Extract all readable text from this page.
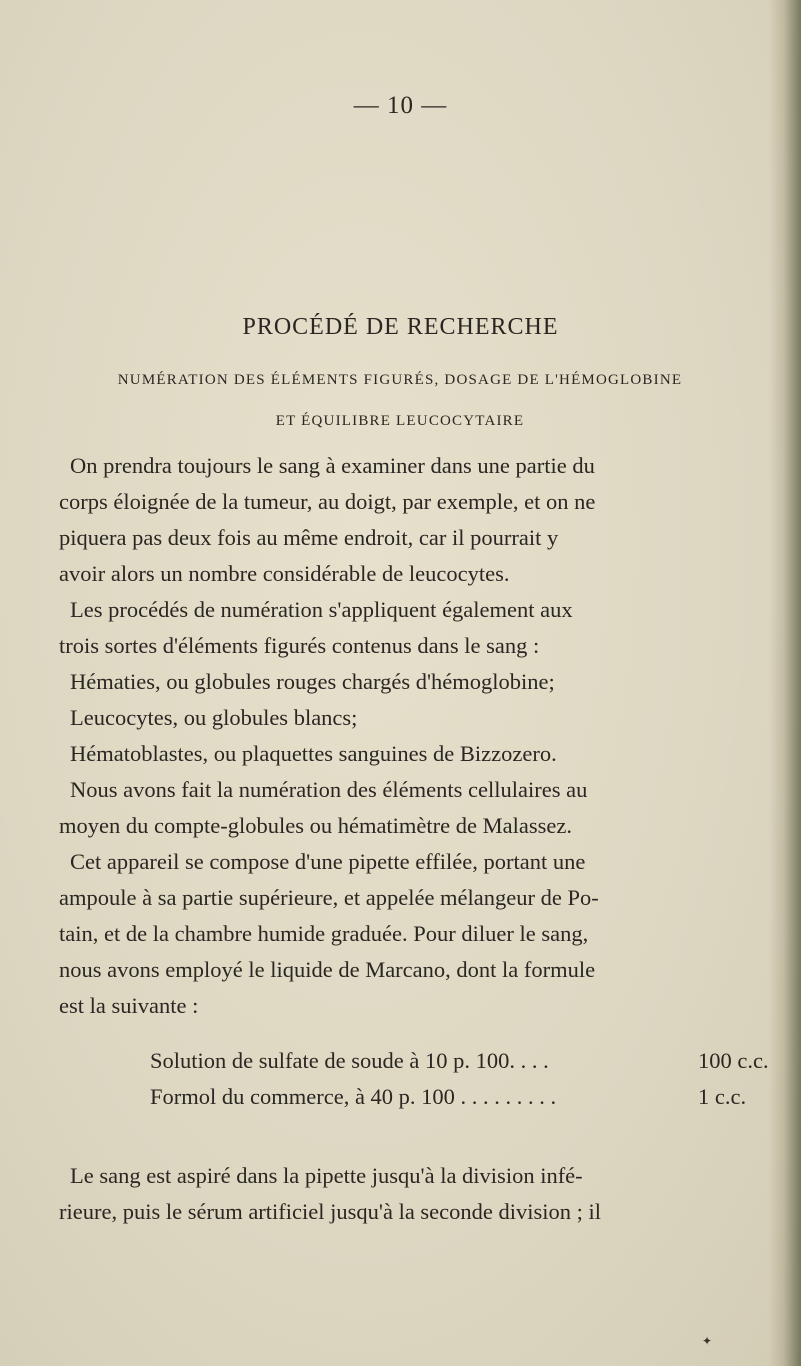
— 10 —
PROCÉDÉ DE RECHERCHE
NUMÉRATION DES ÉLÉMENTS FIGURÉS, DOSAGE DE L'HÉMOGLOBINE
ET ÉQUILIBRE LEUCOCYTAIRE
On prendra toujours le sang à examiner dans une partie du
corps éloignée de la tumeur, au doigt, par exemple, et on ne
piquera pas deux fois au même endroit, car il pourrait y
avoir alors un nombre considérable de leucocytes.
Les procédés de numération s'appliquent également aux
trois sortes d'éléments figurés contenus dans le sang :
Hématies, ou globules rouges chargés d'hémoglobine;
Leucocytes, ou globules blancs;
Hématoblastes, ou plaquettes sanguines de Bizzozero.
Nous avons fait la numération des éléments cellulaires au
moyen du compte-globules ou hématimètre de Malassez.
Cet appareil se compose d'une pipette effilée, portant une
ampoule à sa partie supérieure, et appelée mélangeur de Po-
tain, et de la chambre humide graduée. Pour diluer le sang,
nous avons employé le liquide de Marcano, dont la formule
est la suivante :
Solution de sulfate de soude à 10 p. 100. . . .	100 c.c.
Formol du commerce, à 40 p. 100 . . . . . . . . .	1 c.c.
Le sang est aspiré dans la pipette jusqu'à la division infé-
rieure, puis le sérum artificiel jusqu'à la seconde division ; il
✦
